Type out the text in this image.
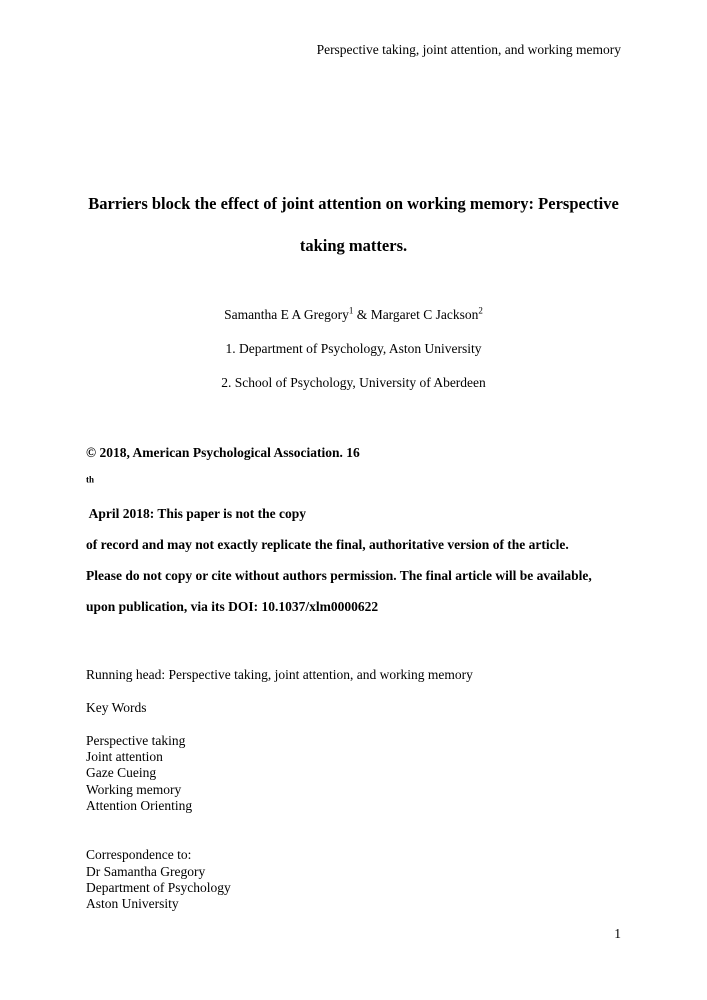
Perspective taking, joint attention, and working memory
Barriers block the effect of joint attention on working memory: Perspective
taking matters.

Samantha E A Gregory$^1$ & Margaret C Jackson$^2$

1. Department of Psychology, Aston University

2. School of Psychology, University of Aberdeen

© 2018, American Psychological Association. 16
$^{th}$
April 2018: This paper is not the copy
of record and may not exactly replicate the final, authoritative version of the article.
Please do not copy or cite without authors permission. The final article will be available,
upon publication, via its DOI: 10.1037/xlm0000622
Running head: Perspective taking, joint attention, and working memory
Key Words
Perspective taking
Joint attention
Gaze Cueing
Working memory
Attention Orienting
Correspondence to:
Dr Samantha Gregory
Department of Psychology
Aston University
1
